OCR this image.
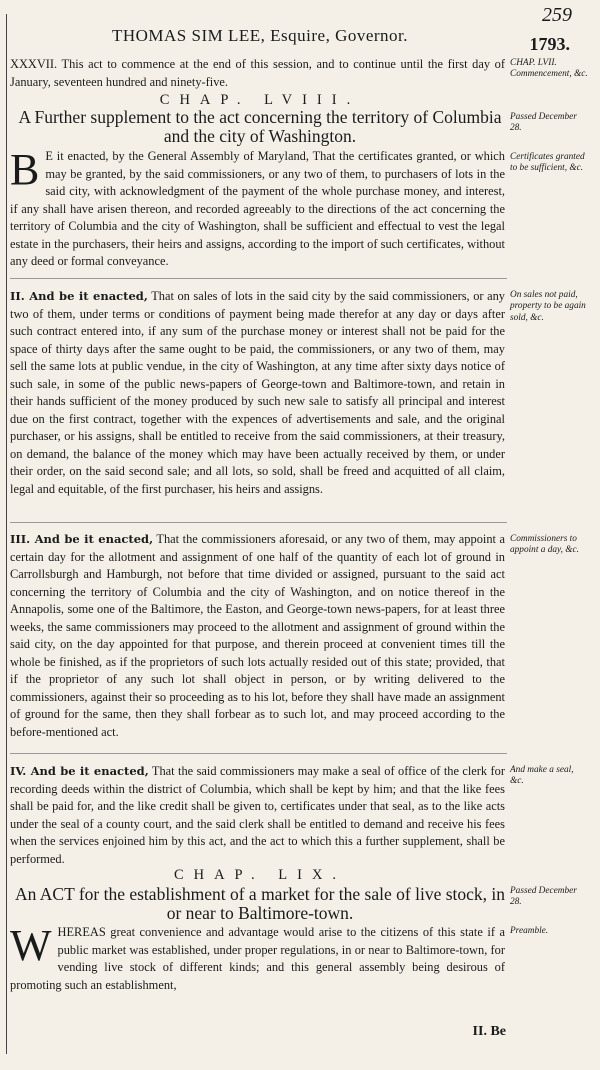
THOMAS SIM LEE, Esquire, Governor.
259
1793.

XXXVII. This act to commence at the end of this session, and to continue until the first day of January, seventeen hundred and ninety-five.

CHAP. LVIII.
A Further supplement to the act concerning the territory of Columbia and the city of Washington.
B E it enacted, by the General Assembly of Maryland, That the certificates granted, or which may be granted, by the said commissioners, or any two of them, to purchasers of lots in the said city, with acknowledgment of the payment of the whole purchase money, and interest, if any shall have arisen thereon, and recorded agreeably to the directions of the act concerning the territory of Columbia and the city of Washington, shall be sufficient and effectual to vest the legal estate in the purchasers, their heirs and assigns, according to the import of such certificates, without any deed or formal conveyance.

II. And be it enacted, That on sales of lots in the said city by the said commissioners, or any two of them, under terms or conditions of payment being made therefor at any day or days after such contract entered into, if any sum of the purchase money or interest shall not be paid for the space of thirty days after the same ought to be paid, the commissioners, or any two of them, may sell the same lots at public vendue, in the city of Washington, at any time after sixty days notice of such sale, in some of the public news-papers of George-town and Baltimore-town, and retain in their hands sufficient of the money produced by such new sale to satisfy all principal and interest due on the first contract, together with the expences of advertisements and sale, and the original purchaser, or his assigns, shall be entitled to receive from the said commissioners, at their treasury, on demand, the balance of the money which may have been actually received by them, or under their order, on the said second sale; and all lots, so sold, shall be freed and acquitted of all claim, legal and equitable, of the first purchaser, his heirs and assigns.

III. And be it enacted, That the commissioners aforesaid, or any two of them, may appoint a certain day for the allotment and assignment of one half of the quantity of each lot of ground in Carrollsburgh and Hamburgh, not before that time divided or assigned, pursuant to the said act concerning the territory of Columbia and the city of Washington, and on notice thereof in the Annapolis, some one of the Baltimore, the Easton, and George-town news-papers, for at least three weeks, the same commissioners may proceed to the allotment and assignment of ground within the said city, on the day appointed for that purpose, and therein proceed at convenient times till the whole be finished, as if the proprietors of such lots actually resided out of this state; provided, that if the proprietor of any such lot shall object in person, or by writing delivered to the commissioners, against their so proceeding as to his lot, before they shall have made an assignment of ground for the same, then they shall forbear as to such lot, and may proceed according to the before-mentioned act.

IV. And be it enacted, That the said commissioners may make a seal of office of the clerk for recording deeds within the district of Columbia, which shall be kept by him; and that the like fees shall be paid for, and the like credit shall be given to, certificates under that seal, as to the like acts under the seal of a county court, and the said clerk shall be entitled to demand and receive his fees when the services enjoined him by this act, and the act to which this a further supplement, shall be performed.

CHAP. LIX.
An ACT for the establishment of a market for the sale of live stock, in or near to Baltimore-town.
W HEREAS great convenience and advantage would arise to the citizens of this state if a public market was established, under proper regulations, in or near to Baltimore-town, for vending live stock of different kinds; and this general assembly being desirous of promoting such an establishment,

II. Be
CHAP. LVII. Commencement, &c.
Passed December 28.
Certificates granted to be sufficient, &c.
On sales not paid, property to be again sold, &c.
Commissioners to appoint a day, &c.
And make a seal, &c.
Passed December 28.
Preamble.
